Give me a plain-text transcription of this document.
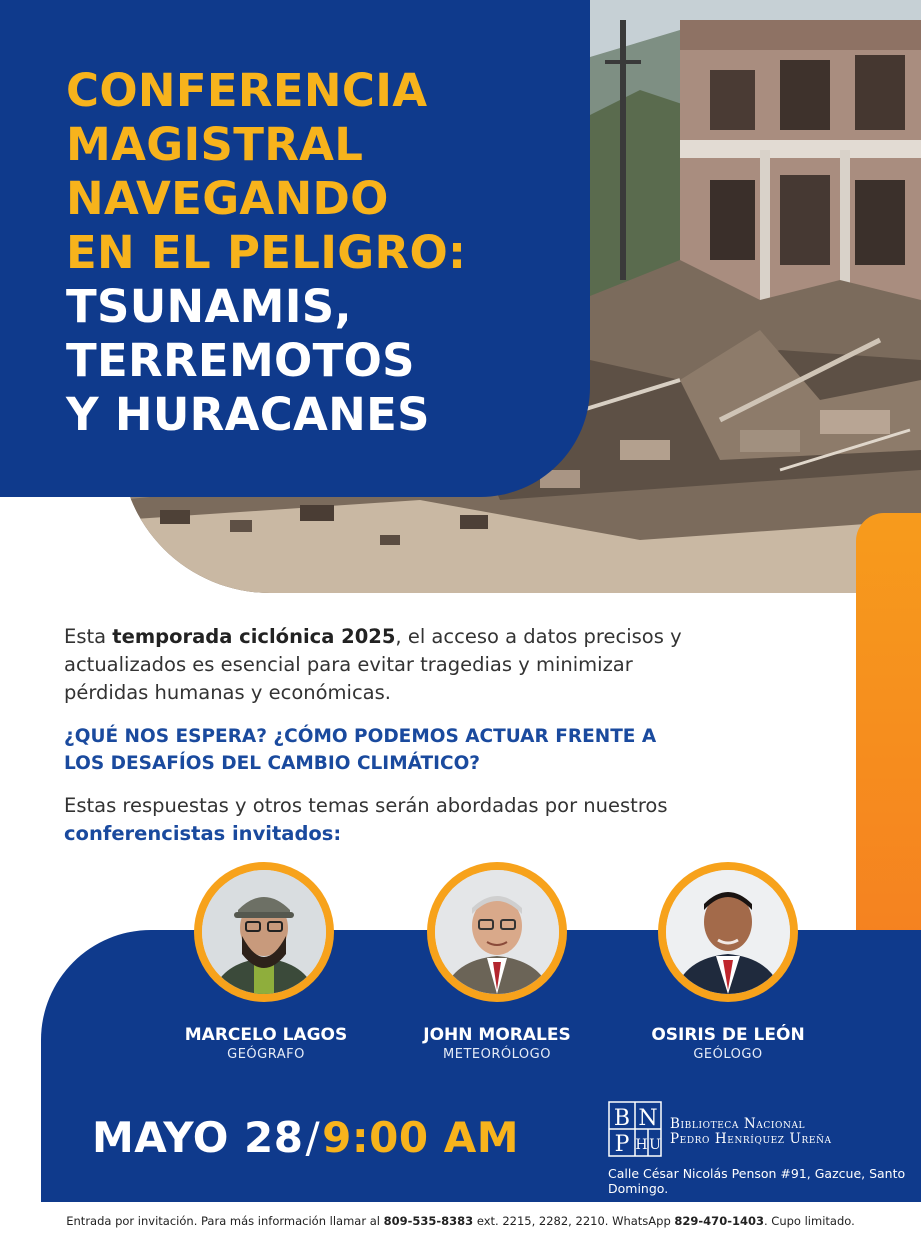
CONFERENCIA
MAGISTRAL
NAVEGANDO
EN EL PELIGRO:
TSUNAMIS,
TERREMOTOS
Y HURACANES

Esta temporada ciclónica 2025, el acceso a datos precisos y actualizados es esencial para evitar tragedias y minimizar pérdidas humanas y económicas.

¿QUÉ NOS ESPERA? ¿CÓMO PODEMOS ACTUAR FRENTE A LOS DESAFÍOS DEL CAMBIO CLIMÁTICO?

Estas respuestas y otros temas serán abordadas por nuestros
conferencistas invitados:

MARCELO LAGOS
GEÓGRAFO
JOHN MORALES
METEORÓLOGO
OSIRIS DE LEÓN
GEÓLOGO
MAYO 28/9:00 AM	B N
P H U
Biblioteca Nacional
Pedro Henríquez Ureña
Calle César Nicolás Penson #91, Gazcue, Santo Domingo.

Entrada por invitación. Para más información llamar al 809-535-8383 ext. 2215, 2282, 2210. WhatsApp 829-470-1403. Cupo limitado.
